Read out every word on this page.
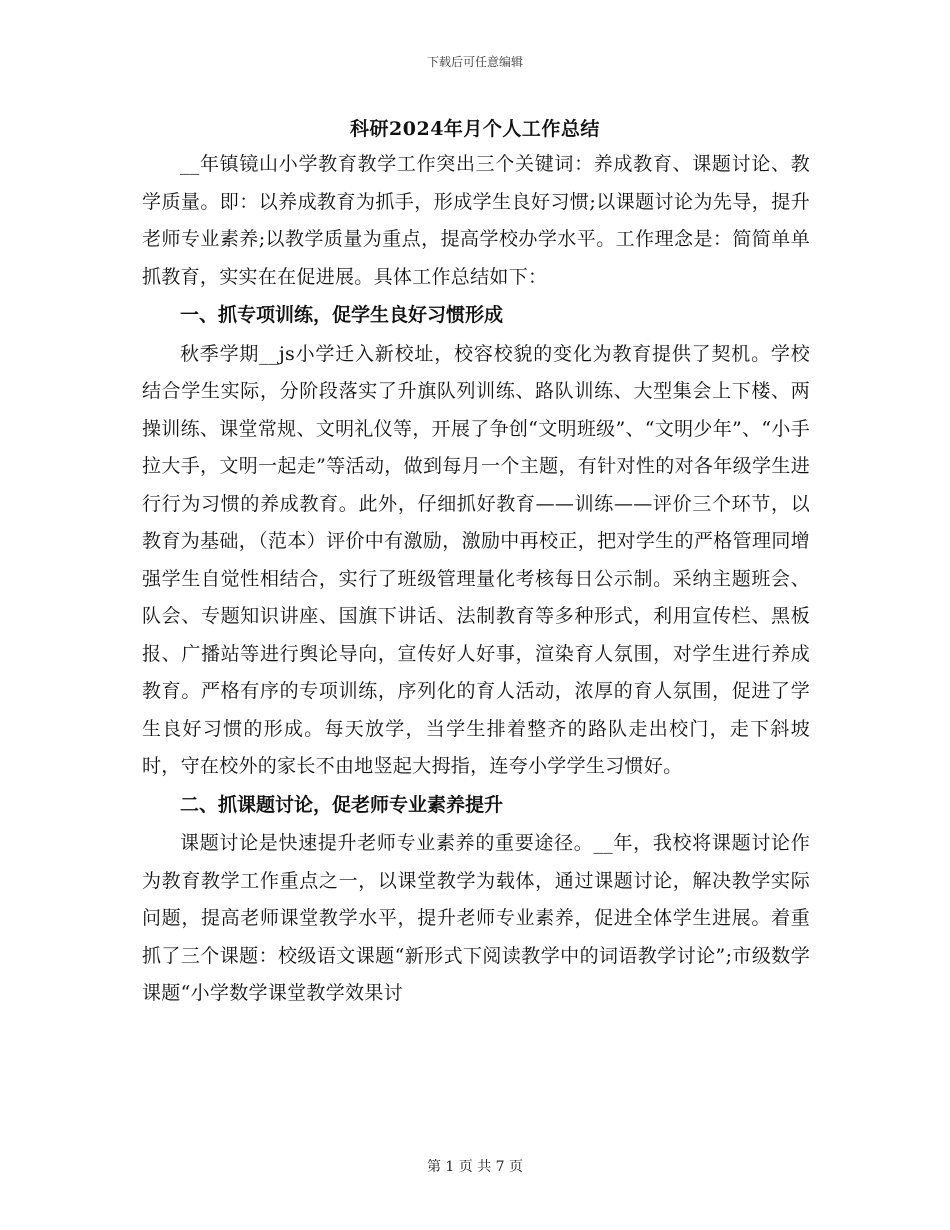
下载后可任意编辑
科研2024年月个人工作总结

__年镇镜山小学教育教学工作突出三个关键词：养成教育、课题讨论、教学质量。即：以养成教育为抓手，形成学生良好习惯;以课题讨论为先导，提升老师专业素养;以教学质量为重点，提高学校办学水平。工作理念是：简简单单抓教育，实实在在促进展。具体工作总结如下：

一、抓专项训练，促学生良好习惯形成

秋季学期__js小学迁入新校址，校容校貌的变化为教育提供了契机。学校结合学生实际，分阶段落实了升旗队列训练、路队训练、大型集会上下楼、两操训练、课堂常规、文明礼仪等，开展了争创“文明班级”、“文明少年”、“小手拉大手，文明一起走”等活动，做到每月一个主题，有针对性的对各年级学生进行行为习惯的养成教育。此外，仔细抓好教育——训练——评价三个环节，以教育为基础，（范本）评价中有激励，激励中再校正，把对学生的严格管理同增强学生自觉性相结合，实行了班级管理量化考核每日公示制。采纳主题班会、队会、专题知识讲座、国旗下讲话、法制教育等多种形式，利用宣传栏、黑板报、广播站等进行舆论导向，宣传好人好事，渲染育人氛围，对学生进行养成教育。严格有序的专项训练，序列化的育人活动，浓厚的育人氛围，促进了学生良好习惯的形成。每天放学，当学生排着整齐的路队走出校门，走下斜坡时，守在校外的家长不由地竖起大拇指，连夸小学学生习惯好。

二、抓课题讨论，促老师专业素养提升

课题讨论是快速提升老师专业素养的重要途径。__年，我校将课题讨论作为教育教学工作重点之一，以课堂教学为载体，通过课题讨论，解决教学实际问题，提高老师课堂教学水平，提升老师专业素养，促进全体学生进展。着重抓了三个课题：校级语文课题“新形式下阅读教学中的词语教学讨论”;市级数学课题“小学数学课堂教学效果讨

第 1 页 共 7 页
